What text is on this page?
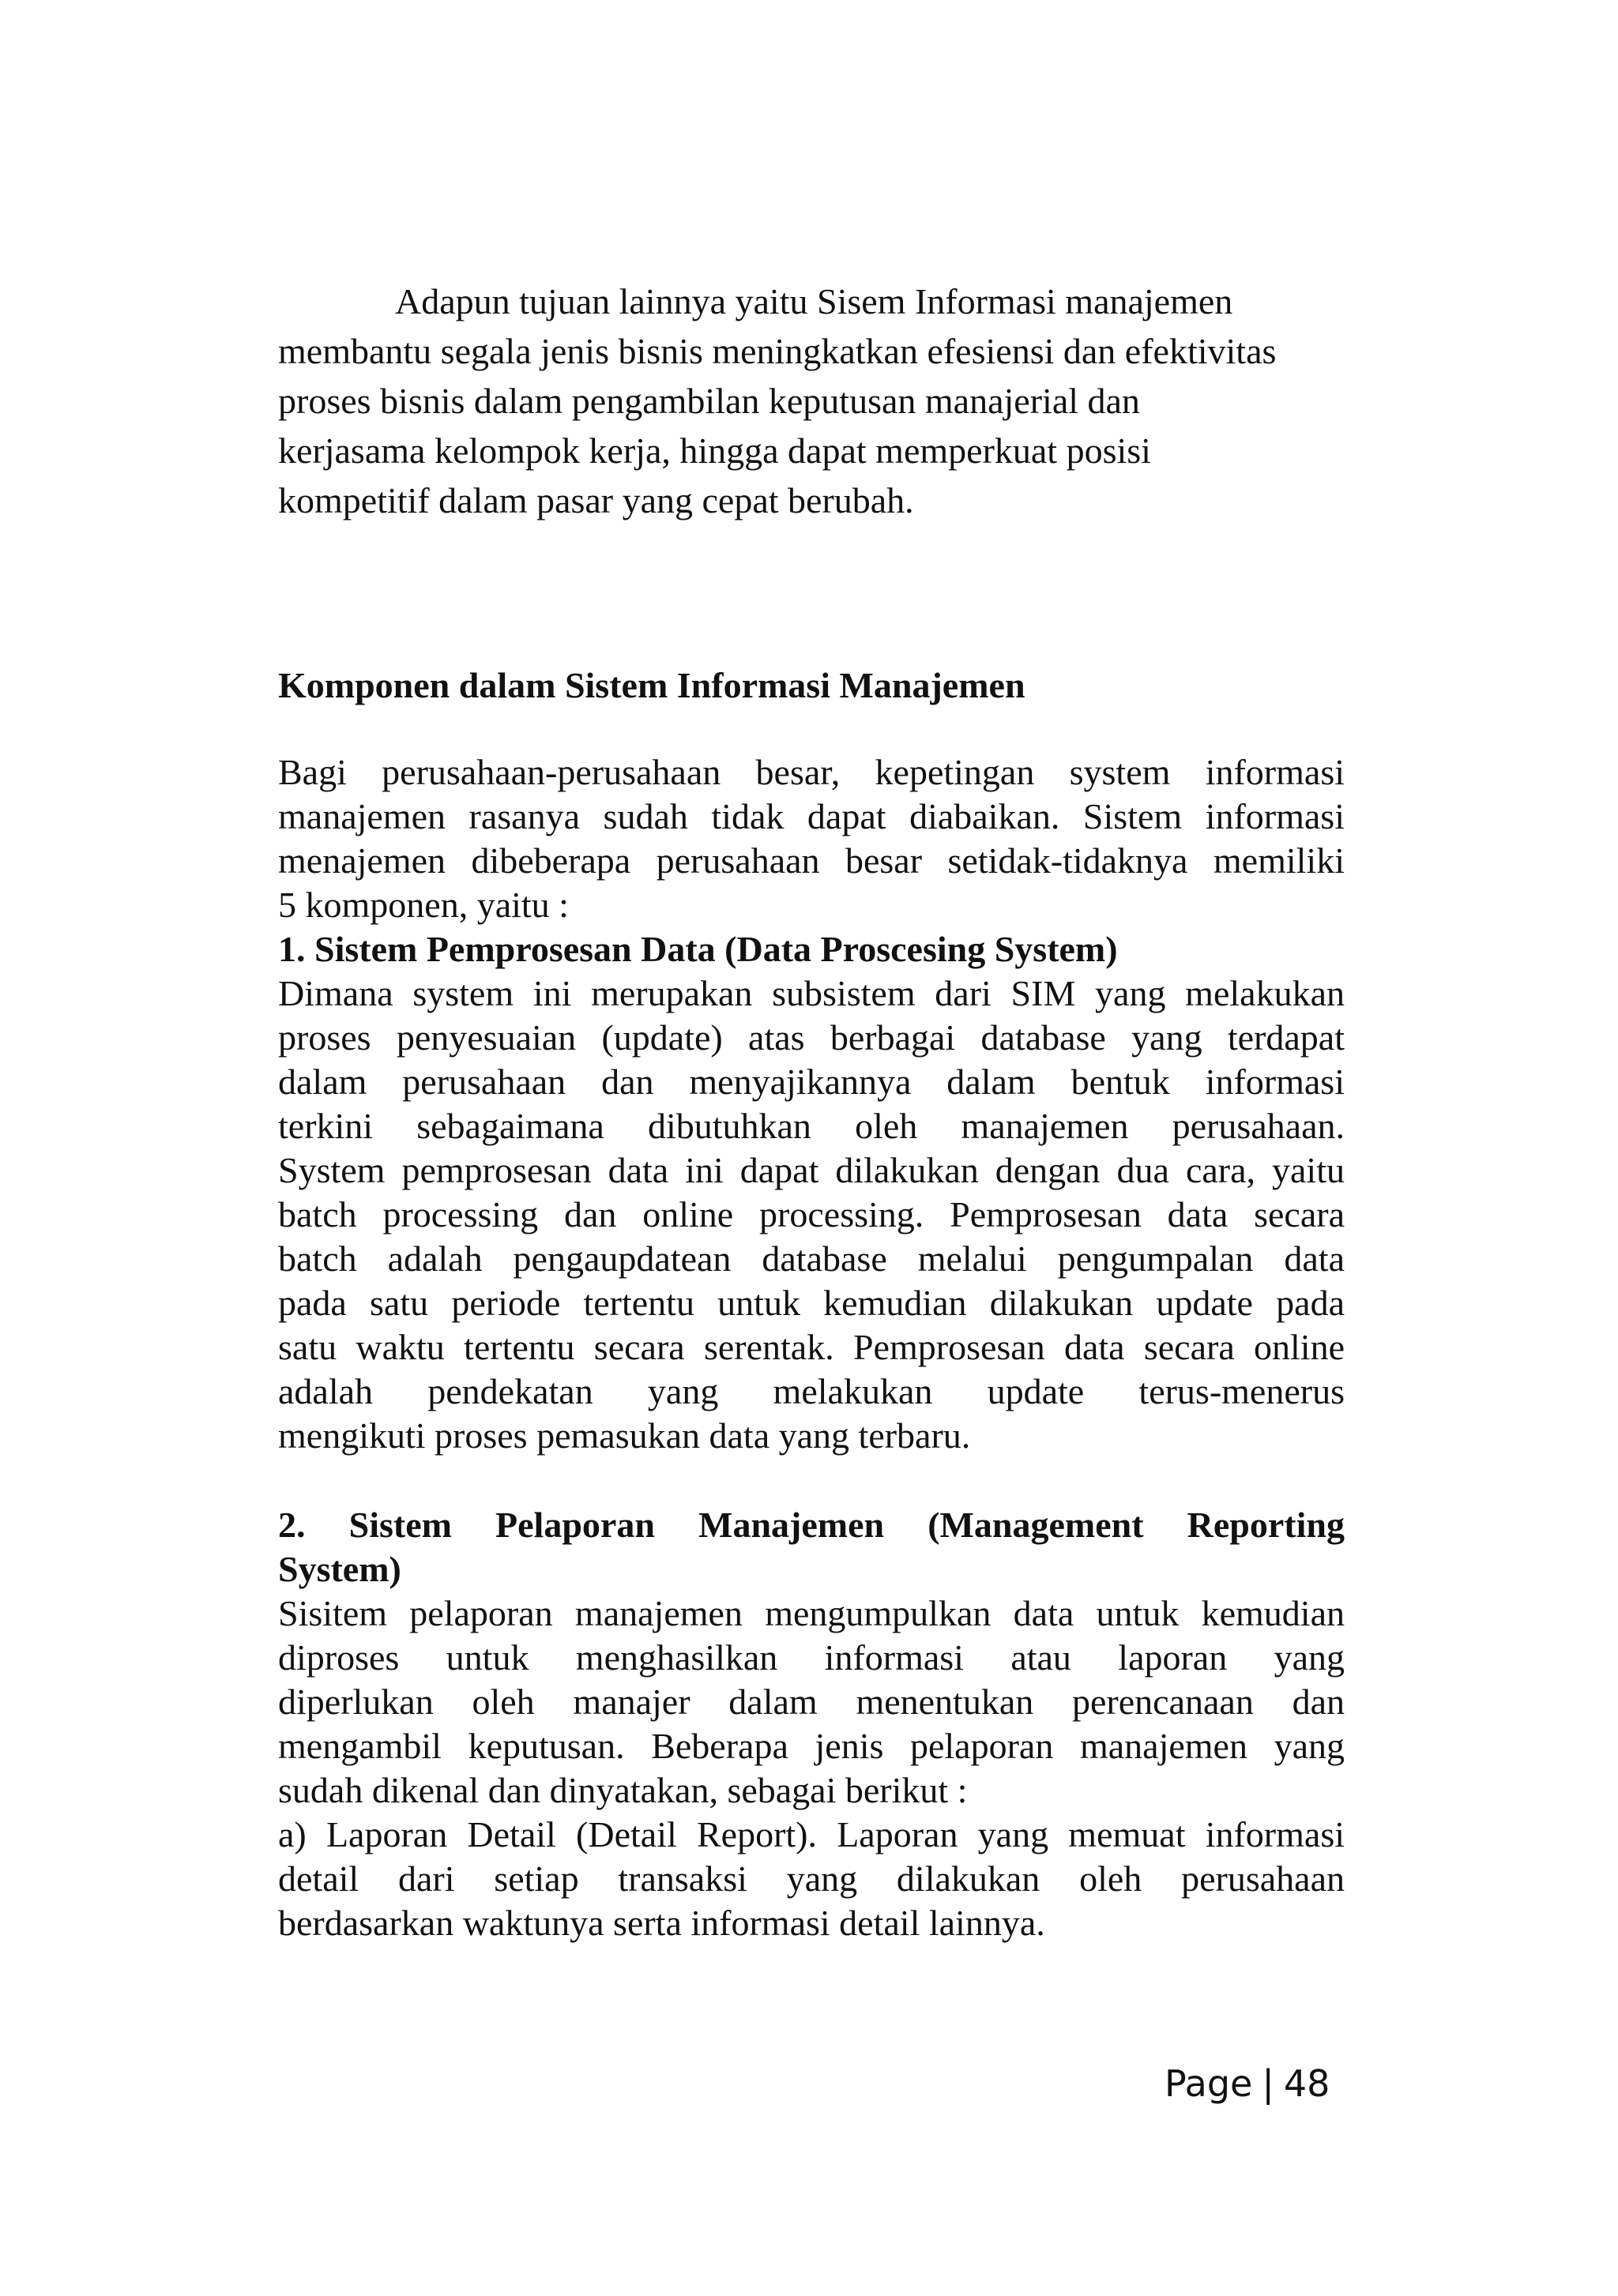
Adapun tujuan lainnya yaitu Sisem Informasi manajemen
membantu segala jenis bisnis meningkatkan efesiensi dan efektivitas
proses bisnis dalam pengambilan keputusan manajerial dan
kerjasama kelompok kerja, hingga dapat memperkuat posisi
kompetitif dalam pasar yang cepat berubah.
Komponen dalam Sistem Informasi Manajemen
Bagi perusahaan-perusahaan besar, kepetingan system informasi
manajemen rasanya sudah tidak dapat diabaikan. Sistem informasi
menajemen dibeberapa perusahaan besar setidak-tidaknya memiliki
5 komponen, yaitu :
1. Sistem Pemprosesan Data (Data Proscesing System)
Dimana system ini merupakan subsistem dari SIM yang melakukan
proses penyesuaian (update) atas berbagai database yang terdapat
dalam perusahaan dan menyajikannya dalam bentuk informasi
terkini sebagaimana dibutuhkan oleh manajemen perusahaan.
System pemprosesan data ini dapat dilakukan dengan dua cara, yaitu
batch processing dan online processing. Pemprosesan data secara
batch adalah pengaupdatean database melalui pengumpalan data
pada satu periode tertentu untuk kemudian dilakukan update pada
satu waktu tertentu secara serentak. Pemprosesan data secara online
adalah pendekatan yang melakukan update terus-menerus
mengikuti proses pemasukan data yang terbaru.
2. Sistem Pelaporan Manajemen (Management Reporting
System)
Sisitem pelaporan manajemen mengumpulkan data untuk kemudian
diproses untuk menghasilkan informasi atau laporan yang
diperlukan oleh manajer dalam menentukan perencanaan dan
mengambil keputusan. Beberapa jenis pelaporan manajemen yang
sudah dikenal dan dinyatakan, sebagai berikut :
a) Laporan Detail (Detail Report). Laporan yang memuat informasi
detail dari setiap transaksi yang dilakukan oleh perusahaan
berdasarkan waktunya serta informasi detail lainnya.
Page | 48
